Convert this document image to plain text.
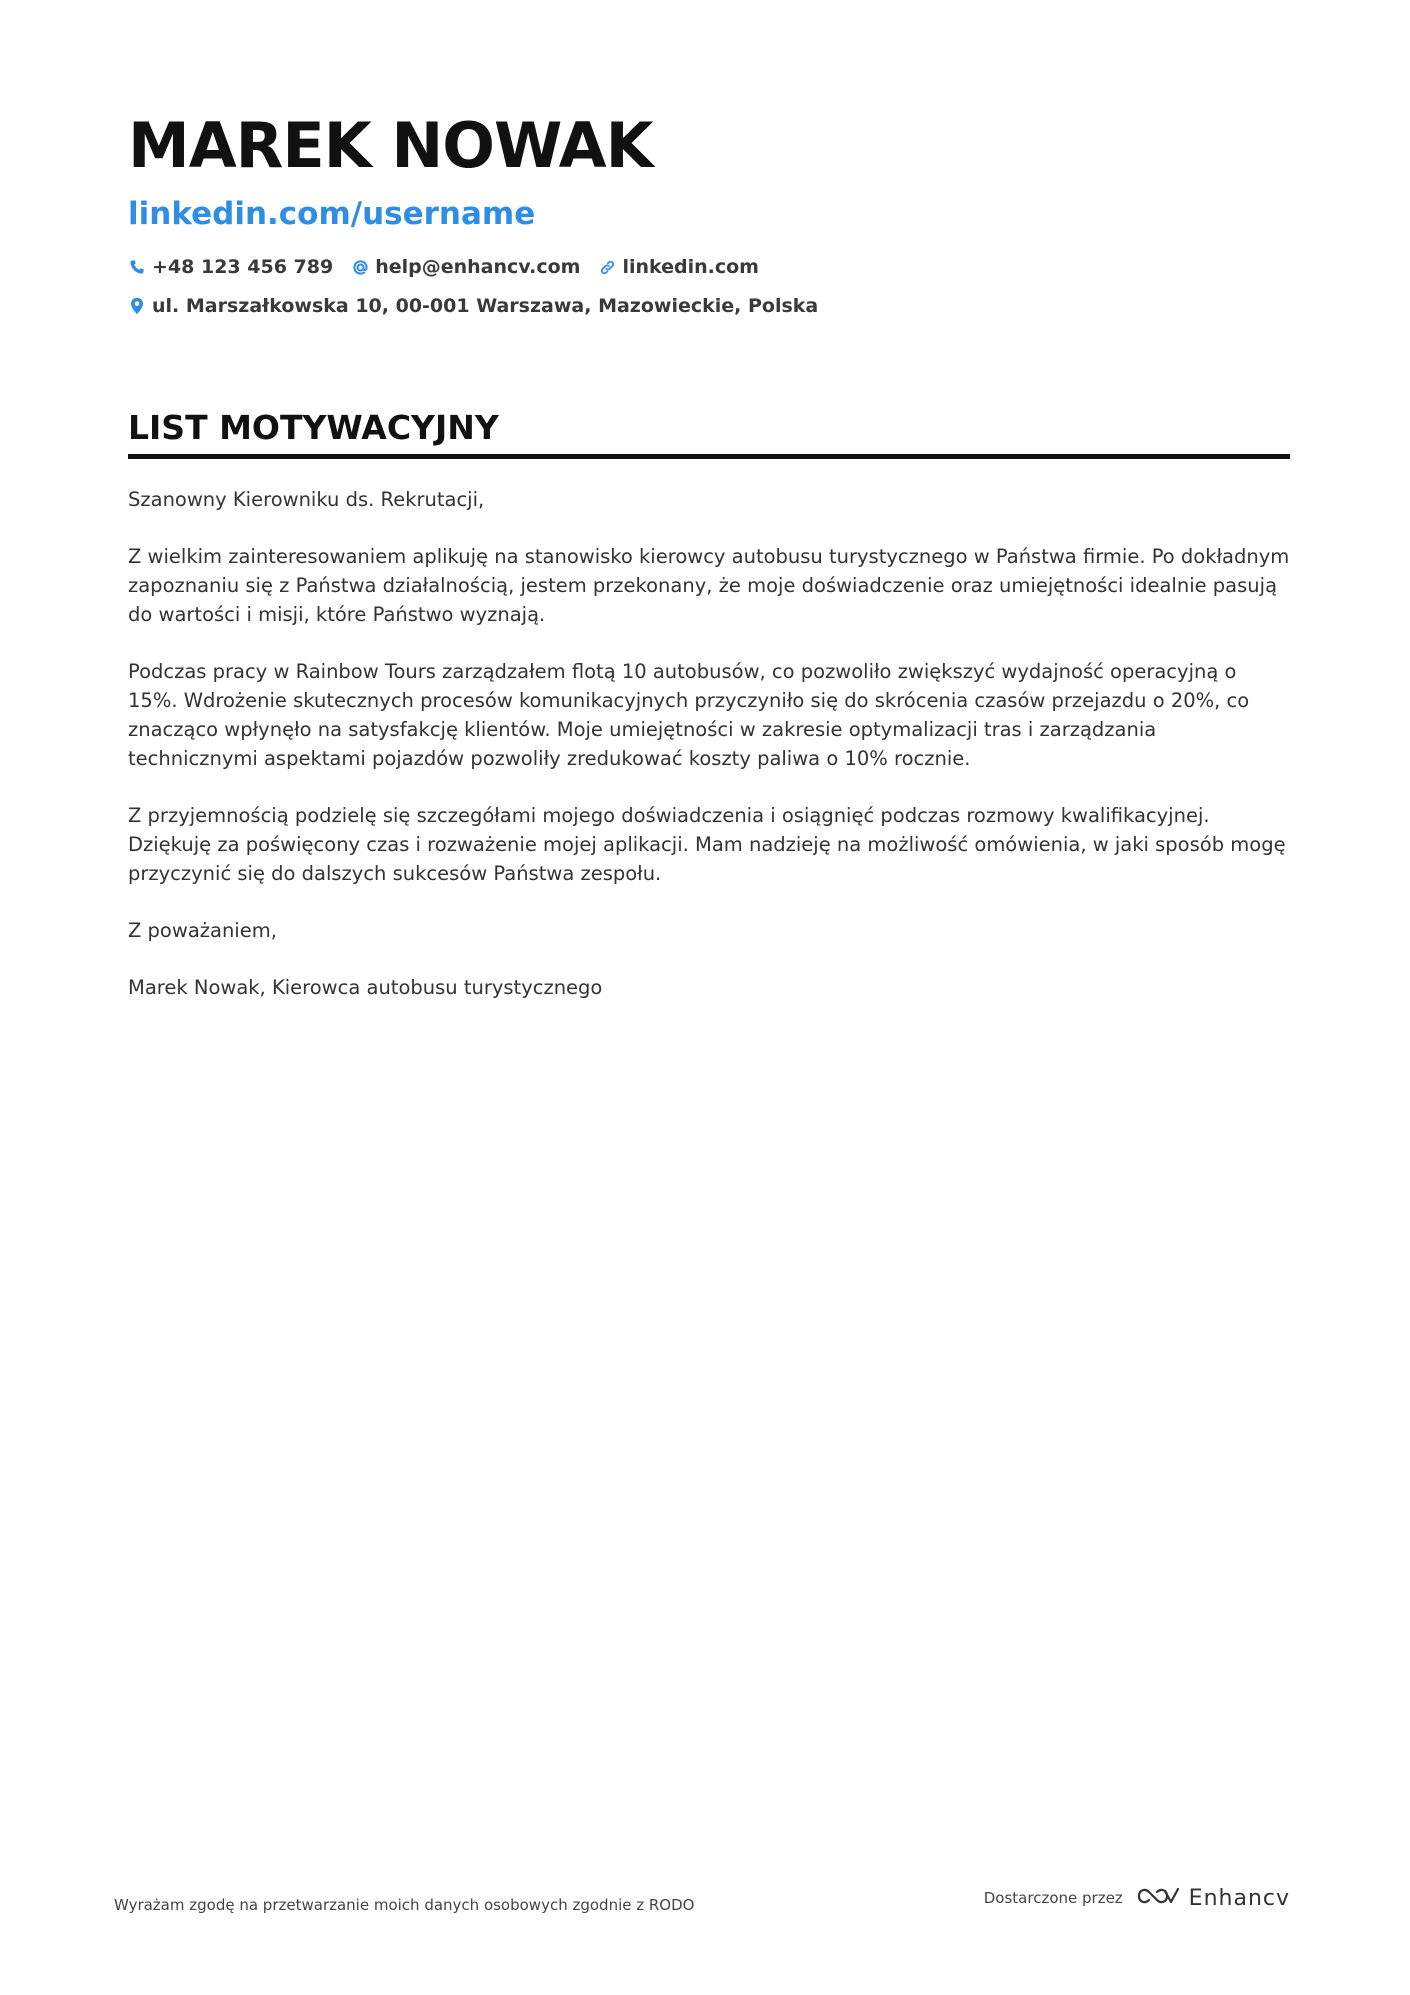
MAREK NOWAK
linkedin.com/username
+48 123 456 789 help@enhancv.com linkedin.com
ul. Marszałkowska 10, 00-001 Warszawa, Mazowieckie, Polska
LIST MOTYWACYJNY

Szanowny Kierowniku ds. Rekrutacji,

Z wielkim zainteresowaniem aplikuję na stanowisko kierowcy autobusu turystycznego w Państwa firmie. Po dokładnym zapoznaniu się z Państwa działalnością, jestem przekonany, że moje doświadczenie oraz umiejętności idealnie pasują do wartości i misji, które Państwo wyznają.

Podczas pracy w Rainbow Tours zarządzałem flotą 10 autobusów, co pozwoliło zwiększyć wydajność operacyjną o 15%. Wdrożenie skutecznych procesów komunikacyjnych przyczyniło się do skrócenia czasów przejazdu o 20%, co znacząco wpłynęło na satysfakcję klientów. Moje umiejętności w zakresie optymalizacji tras i zarządzania technicznymi aspektami pojazdów pozwoliły zredukować koszty paliwa o 10% rocznie.

Z przyjemnością podzielę się szczegółami mojego doświadczenia i osiągnięć podczas rozmowy kwalifikacyjnej. Dziękuję za poświęcony czas i rozważenie mojej aplikacji. Mam nadzieję na możliwość omówienia, w jaki sposób mogę przyczynić się do dalszych sukcesów Państwa zespołu.

Z poważaniem,

Marek Nowak, Kierowca autobusu turystycznego

Wyrażam zgodę na przetwarzanie moich danych osobowych zgodnie z RODO	Dostarczone przez	Enhancv
